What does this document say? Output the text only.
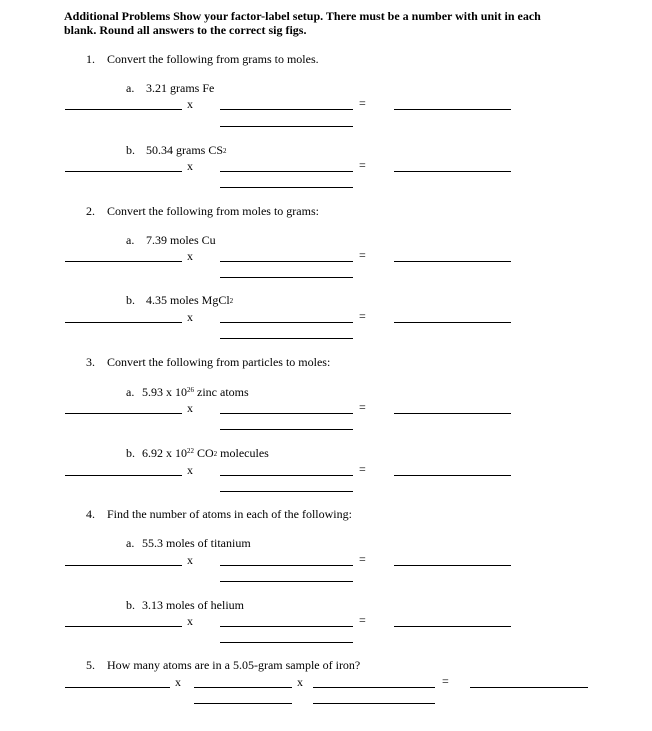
Additional Problems Show your factor-label setup. There must be a number with unit in each
blank. Round all answers to the correct sig figs.
1. Convert the following from grams to moles.
a. 3.21 grams Fe
x	=
b. 50.34 grams $CS_2$
x	=
2. Convert the following from moles to grams:
a. 7.39 moles Cu
x	=
b. 4.35 moles MgCl$_2$
x	=
3. Convert the following from particles to moles:
a. 5.93 x $10^{26}$ zinc atoms
x	=
b. 6.92 x $10^{22}$ $CO_2$ molecules
x	=
4. Find the number of atoms in each of the following:
a. 55.3 moles of titanium
x	=
b. 3.13 moles of helium
x	=
5. How many atoms are in a 5.05-gram sample of iron?
x	x	=
